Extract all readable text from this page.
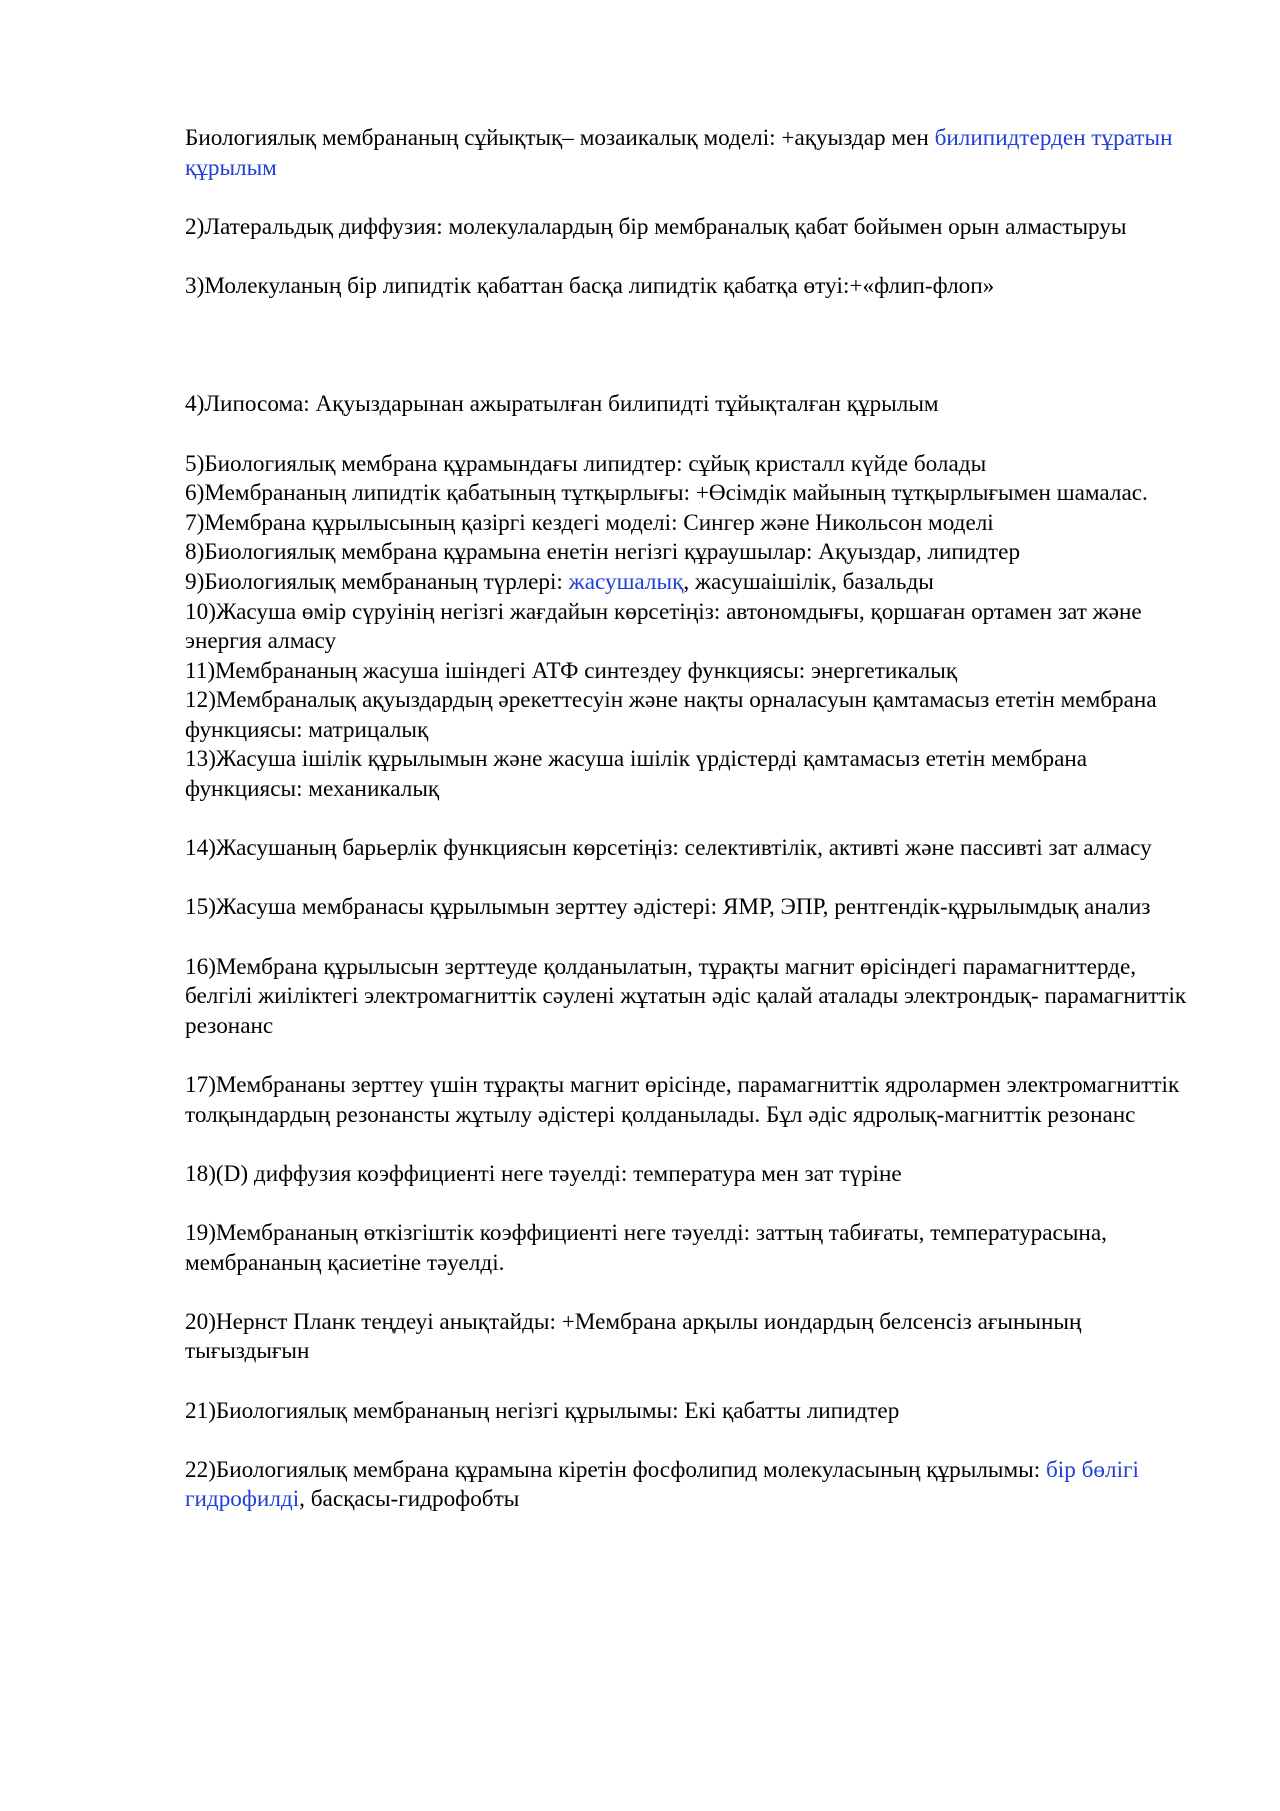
Биологиялық мембрананың сұйықтық– мозаикалық моделі: +ақуыздар мен билипидтерден тұратын құрылым

2)Латеральдық диффузия: молекулалардың бір мембраналық қабат бойымен орын алмастыруы

3)Молекуланың бір липидтік қабаттан басқа липидтік қабатқа өтуі:+«флип-флоп»

4)Липосома: Ақуыздарынан ажыратылған билипидті тұйықталған құрылым

5)Биологиялық мембрана құрамындағы липидтер: сұйық кристалл күйде болады

6)Мембрананың липидтік қабатының тұтқырлығы: +Өсімдік майының тұтқырлығымен шамалас.

7)Мембрана құрылысының қазіргі кездегі моделі: Сингер және Никольсон моделі

8)Биологиялық мембрана құрамына енетін негізгі құраушылар: Ақуыздар, липидтер

9)Биологиялық мембрананың түрлері: жасушалық, жасушаішілік, базальды

10)Жасуша өмір сүруінің негізгі жағдайын көрсетіңіз: автономдығы, қоршаған ортамен зат және энергия алмасу

11)Мембрананың жасуша ішіндегі АТФ синтездеу функциясы: энергетикалық

12)Мембраналық ақуыздардың әрекеттесуін және нақты орналасуын қамтамасыз ететін мембрана функциясы: матрицалық

13)Жасуша ішілік құрылымын және жасуша ішілік үрдістерді қамтамасыз ететін мембрана функциясы: механикалық

14)Жасушаның барьерлік функциясын көрсетіңіз: селективтілік, активті және пассивті зат алмасу

15)Жасуша мембранасы құрылымын зерттеу әдістері: ЯМР, ЭПР, рентгендік-құрылымдық анализ

16)Мембрана құрылысын зерттеуде қолданылатын, тұрақты магнит өрісіндегі парамагниттерде, белгілі жиіліктегі электромагниттік сәулені жұтатын әдіс қалай аталады электрондық- парамагниттік резонанс

17)Мембрананы зерттеу үшін тұрақты магнит өрісінде, парамагниттік ядролармен электромагниттік толқындардың резонансты жұтылу әдістері қолданылады. Бұл әдіс ядролық-магниттік резонанс

18)(D) диффузия коэффициенті неге тәуелді: температура мен зат түріне

19)Мембрананың өткізгіштік коэффициенті неге тәуелді: заттың табиғаты, температурасына, мембрананың қасиетіне тәуелді.

20)Нернст Планк теңдеуі анықтайды: +Мембрана арқылы иондардың белсенсіз ағынының тығыздығын

21)Биологиялық мембрананың негізгі құрылымы: Екі қабатты липидтер

22)Биологиялық мембрана құрамына кіретін фосфолипид молекуласының құрылымы: бір бөлігі гидрофилді, басқасы-гидрофобты
